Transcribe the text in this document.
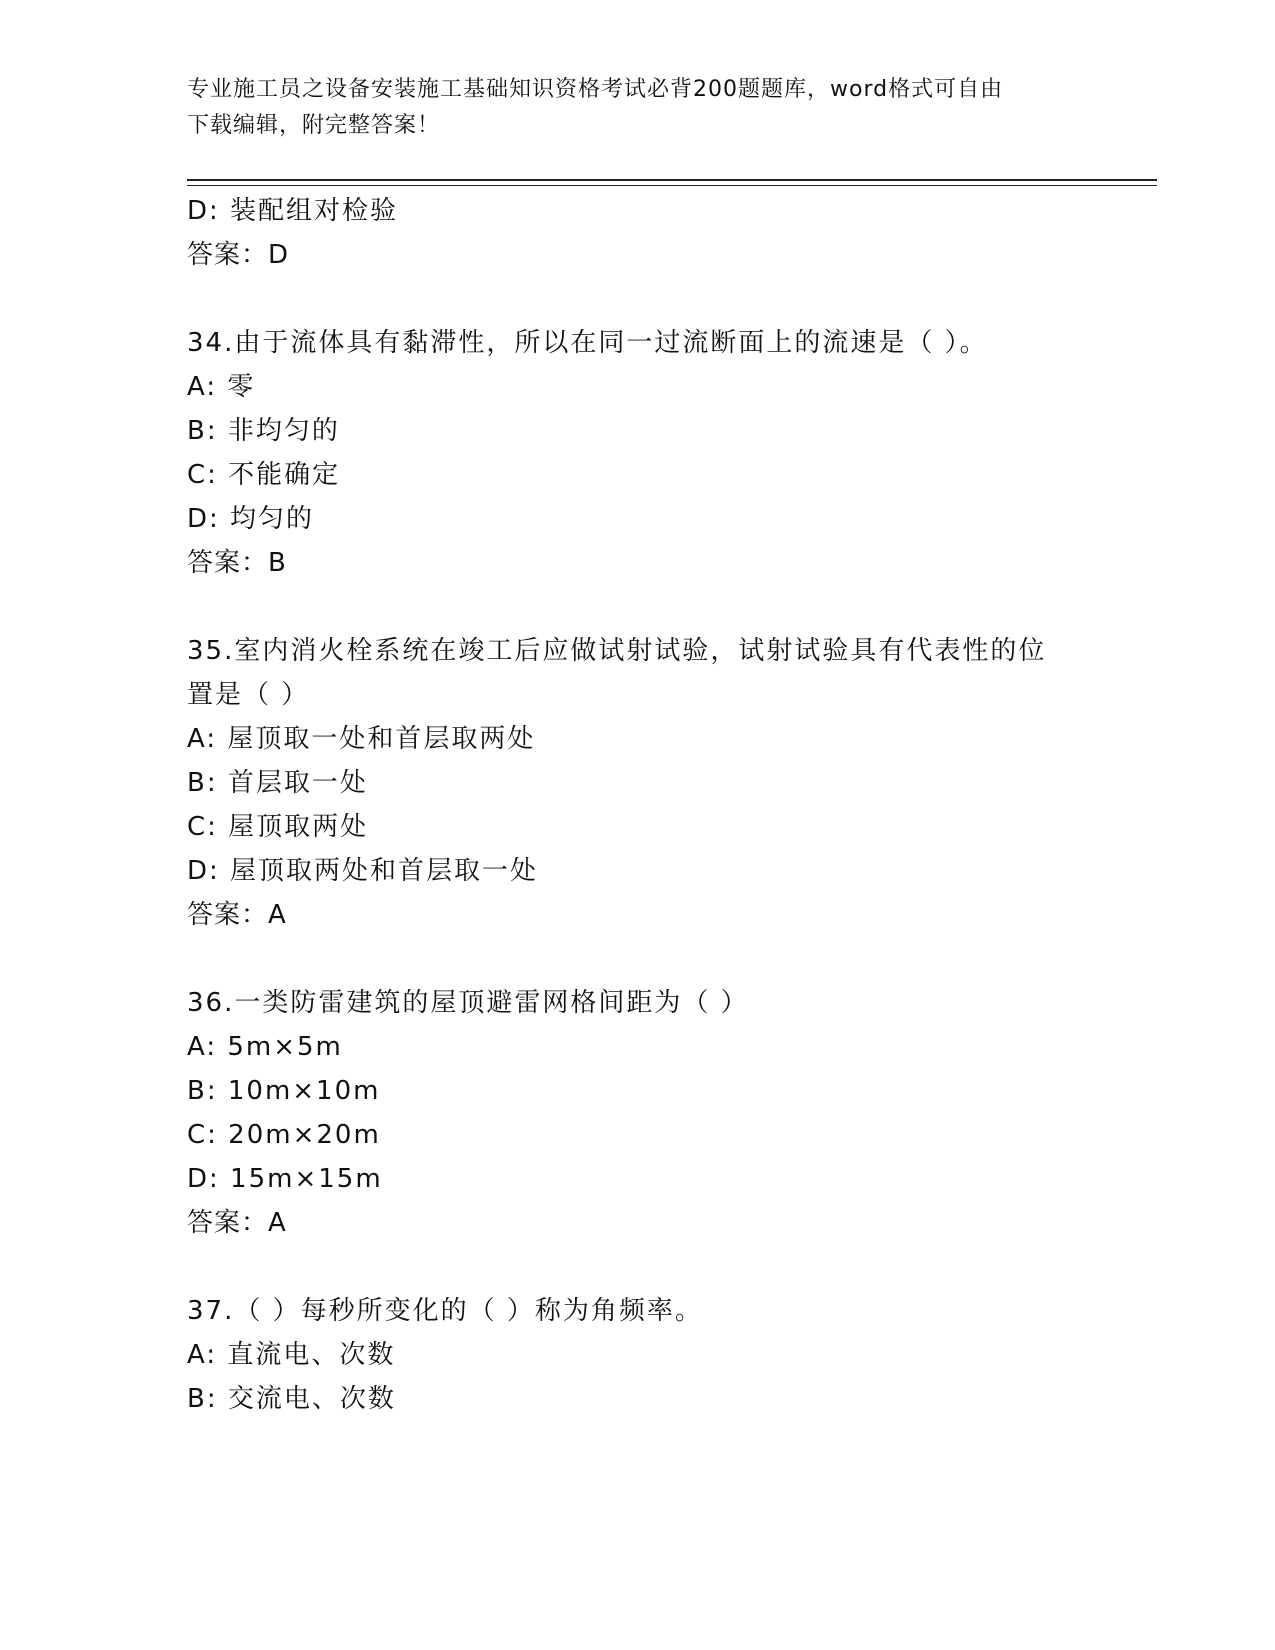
专业施工员之设备安装施工基础知识资格考试必背200题题库，word格式可自由
下载编辑，附完整答案！
D: 装配组对检验
答案：D
34.由于流体具有黏滞性，所以在同一过流断面上的流速是（ ）。
A: 零
B: 非均匀的
C: 不能确定
D: 均匀的
答案：B
35.室内消火栓系统在竣工后应做试射试验，试射试验具有代表性的位
置是（ ）
A: 屋顶取一处和首层取两处
B: 首层取一处
C: 屋顶取两处
D: 屋顶取两处和首层取一处
答案：A
36.一类防雷建筑的屋顶避雷网格间距为（ ）
A: 5m×5m
B: 10m×10m
C: 20m×20m
D: 15m×15m
答案：A
37.（ ）每秒所变化的（ ）称为角频率。
A: 直流电、次数
B: 交流电、次数
